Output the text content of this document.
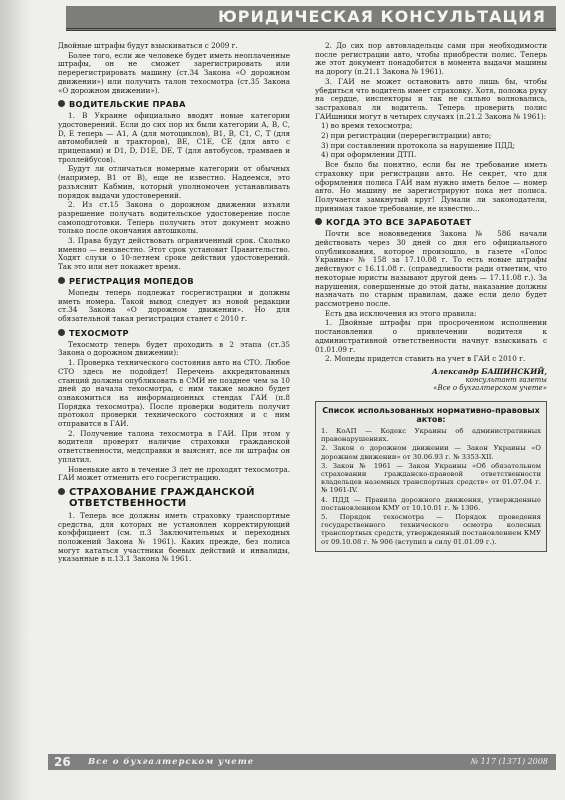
ЮРИДИЧЕСКАЯ КОНСУЛЬТАЦИЯ

Двойные штрафы будут взыскиваться с 2009 г.

Более того, если же человеке будет иметь неоплаченные штрафы, он не сможет зарегистрировать или перерегистрировать машину (ст.34 Закона «О дорожном движении») или получить талон техосмотра (ст.35 Закона «О дорожном движении»).

ВОДИТЕЛЬСКИЕ ПРАВА

1. В Украине официально вводят новые категории удостоверений. Если до сих пор их были категории А, В, С, D, Е теперь — А1, А (для мотоциклов), В1, В, С1, С, Т (для автомобилей и тракторов), ВЕ, С1Е, СЕ (для авто с прицепами) и D1, D, D1E, DE, Т (для автобусов, трамваев и троллейбусов).

Будут ли отличаться номерные категории от обычных (например, В1 от В), еще не известно. Надеемся, это разъяснит Кабмин, который уполномочен устанавливать порядок выдачи удостоверений.

2. Из ст.15 Закона о дорожном движении изъяли разрешение получать водительское удостоверение после самоподготовки. Теперь получить этот документ можно только после окончания автошколы.

3. Права будут действовать ограниченный срок. Сколько именно — неизвестно. Этот срок установит Правительство. Ходят слухи о 10-летнем сроке действия удостоверений. Так это или нет покажет время.

РЕГИСТРАЦИЯ МОПЕДОВ

Мопеды теперь подлежат госрегистрации и должны иметь номера. Такой вывод следует из новой редакции ст.34 Закона «О дорожном движении». Но для обязательной такая регистрация станет с 2010 г.

ТЕХОСМОТР

Техосмотр теперь будет проходить в 2 этапа (ст.35 Закона о дорожном движении):

1. Проверка технического состояния авто на СТО. Любое СТО здесь не подойдет! Перечень аккредитованных станций должны опубликовать в СМИ не позднее чем за 10 дней до начала техосмотра, с ним также можно будет ознакомиться на информационных стендах ГАИ (п.8 Порядка техосмотра). После проверки водитель получит протокол проверки технического состояния и с ним отправится в ГАИ.

2. Получение талона техосмотра в ГАИ. При этом у водителя проверят наличие страховки гражданской ответственности, медсправки и выяснят, все ли штрафы он уплатил.

Новенькие авто в течение 3 лет не проходят техосмотра. ГАИ может отменить его госрегистрацию.

СТРАХОВАНИЕ ГРАЖДАНСКОЙ ОТВЕТСТВЕННОСТИ

1. Теперь все должны иметь страховку транспортные средства, для которых не установлен корректирующий коэффициент (см. п.3 Заключительных и переходных положений Закона № 1961). Каких прежде, без полиса могут кататься участники боевых действий и инвалиды, указанные в п.13.1 Закона № 1961.

2. До сих пор автовладельцы сами при необходимости после регистрации авто, чтобы приобрести полис. Теперь же этот документ понадобится в момента выдачи машины на дорогу (п.21.1 Закона № 1961).

3. ГАИ не может остановить авто лишь бы, чтобы убедиться что водитель имеет страховку. Хотя, положа руку на сердце, инспекторы и так не сильно волновались, застраховал ли водитель. Теперь проверить полис ГАИшники могут в четырех случаях (п.21.2 Закона № 1961):

1) во время техосмотра;
2) при регистрации (перерегистрации) авто;
3) при составлении протокола за нарушение ПДД;
4) при оформлении ДТП.

Все было бы понятно, если бы не требование иметь страховку при регистрации авто. Не секрет, что для оформления полиса ГАИ нам нужно иметь белое — номер авто. Но машину не зарегистрируют пока нет полиса. Получается замкнутый круг! Думали ли законодатели, принимая такое требование, не известно...

КОГДА ЭТО ВСЕ ЗАРАБОТАЕТ

Почти все нововведения Закона № 586 начали действовать через 30 дней со дня его официального опубликования, которое произошло, в газете «Голос Украины» № 158 за 17.10.08 г. То есть новые штрафы действуют с 16.11.08 г. (справедливости ради отметим, что некоторые юристы называют другой день — 17.11.08 г.). За нарушения, совершенные до этой даты, наказание должны назначать по старым правилам, даже если дело будет рассмотрено после.

Есть два исключения из этого правила:

1. Двойные штрафы при просроченном исполнении постановления о привлечении водителя к административной ответственности начнут взыскивать с 01.01.09 г.

2. Мопеды придется ставить на учет в ГАИ с 2010 г.

Александр БАШИНСКИЙ,
консультант газеты
«Все о бухгалтерском учете»
Список использованных нормативно-правовых актов:

1. КоАП — Кодекс Украины об административных правонарушениях.

2. Закон о дорожном движении — Закон Украины «О дорожном движении» от 30.06.93 г. № 3353-XII.

3. Закон № 1961 — Закон Украины «Об обязательном страховании гражданско-правовой ответственности владельцев наземных транспортных средств» от 01.07.04 г. № 1961-IV.

4. ПДД — Правила дорожного движения, утвержденные постановлением КМУ от 10.10.01 г. № 1306.

5. Порядок техосмотра — Порядок проведения государственного технического осмотра колесных транспортных средств, утвержденный постановлением КМУ от 09.10.08 г. № 906 (вступил в силу 01.01.09 г.).

26 Все о бухгалтерском учете	№ 117 (1371) 2008
